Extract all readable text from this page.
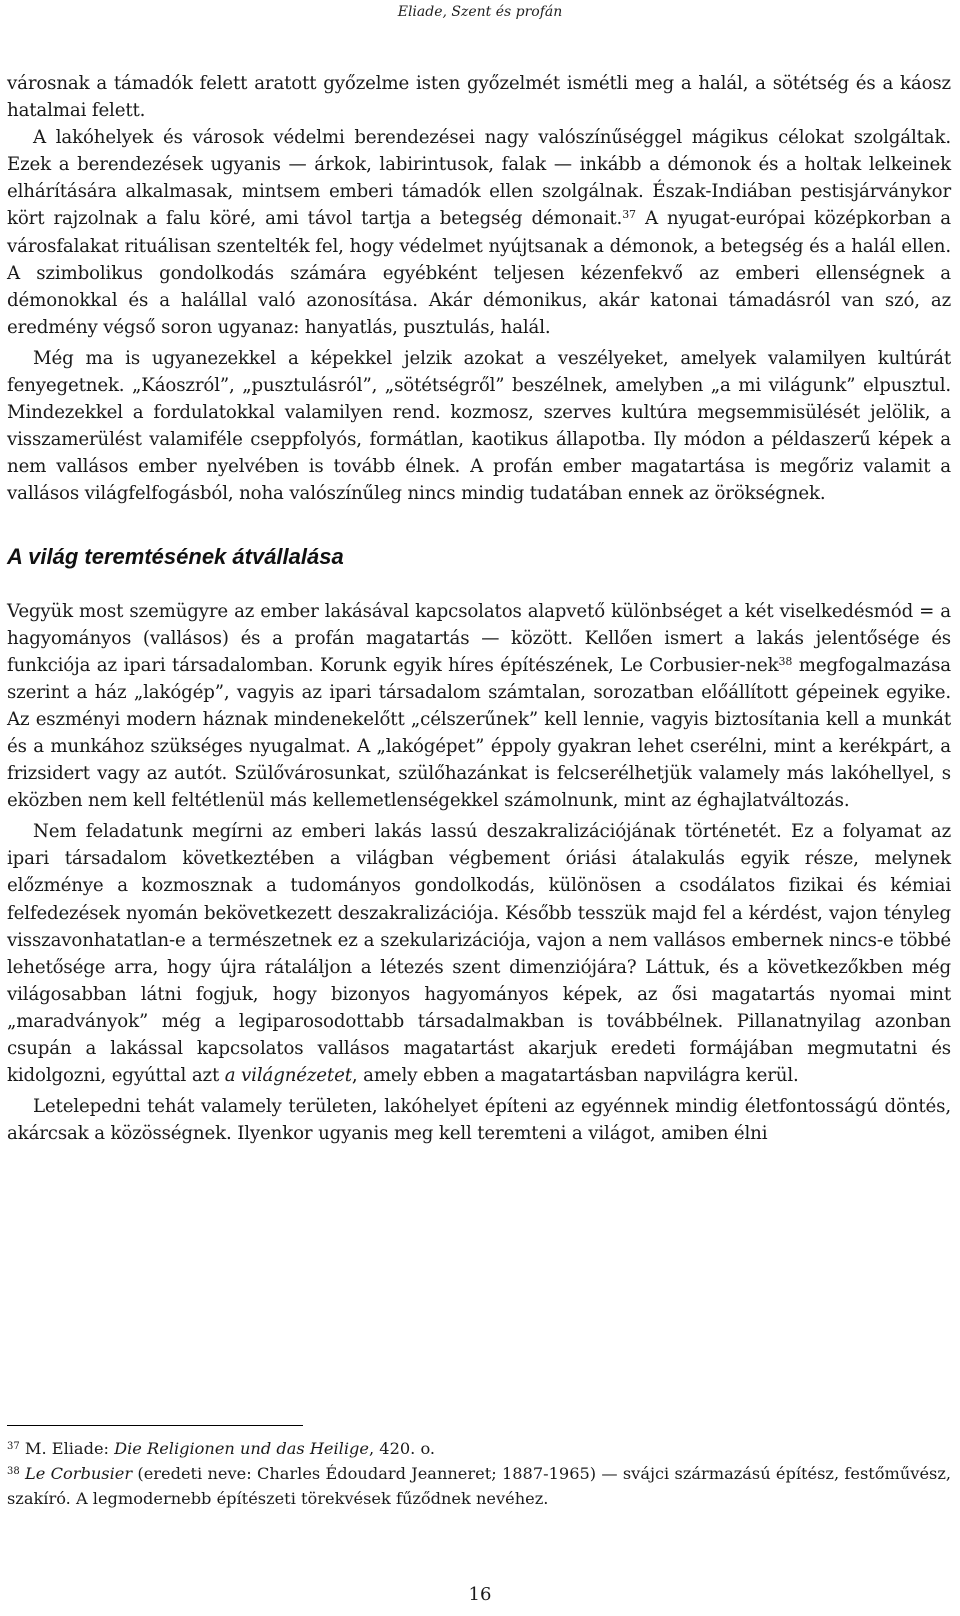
Eliade, Szent és profán

városnak a támadók felett aratott győzelme isten győzelmét ismétli meg a halál, a sötétség és a káosz hatalmai felett.

A lakóhelyek és városok védelmi berendezései nagy valószínűséggel mágikus célokat szolgáltak. Ezek a berendezések ugyanis — árkok, labirintusok, falak — inkább a démonok és a holtak lelkeinek elhárítására alkalmasak, mintsem emberi támadók ellen szolgálnak. Észak-Indiában pestisjárványkor kört rajzolnak a falu köré, ami távol tartja a betegség démonait.$^{37}$ A nyugat-európai középkorban a városfalakat rituálisan szentelték fel, hogy védelmet nyújtsanak a démonok, a betegség és a halál ellen. A szimbolikus gondolkodás számára egyébként teljesen kézenfekvő az emberi ellenségnek a démonokkal és a halállal való azonosítása. Akár démonikus, akár katonai támadásról van szó, az eredmény végső soron ugyanaz: hanyatlás, pusztulás, halál.

Még ma is ugyanezekkel a képekkel jelzik azokat a veszélyeket, amelyek valamilyen kultúrát fenyegetnek. „Káoszról”, „pusztulásról”, „sötétségről” beszélnek, amelyben „a mi világunk” elpusztul. Mindezekkel a fordulatokkal valamilyen rend. kozmosz, szerves kultúra megsemmisülését jelölik, a visszamerülést valamiféle cseppfolyós, formátlan, kaotikus állapotba. Ily módon a példaszerű képek a nem vallásos ember nyelvében is tovább élnek. A profán ember magatartása is megőriz valamit a vallásos világfelfogásból, noha valószínűleg nincs mindig tudatában ennek az örökségnek.

A világ teremtésének átvállalása

Vegyük most szemügyre az ember lakásával kapcsolatos alapvető különbséget a két viselkedésmód = a hagyományos (vallásos) és a profán magatartás — között. Kellően ismert a lakás jelentősége és funkciója az ipari társadalomban. Korunk egyik híres építészének, Le Corbusier-nek$^{38}$ megfogalmazása szerint a ház „lakógép”, vagyis az ipari társadalom számtalan, sorozatban előállított gépeinek egyike. Az eszményi modern háznak mindenekelőtt „célszerűnek” kell lennie, vagyis biztosítania kell a munkát és a munkához szükséges nyugalmat. A „lakógépet” éppoly gyakran lehet cserélni, mint a kerékpárt, a frizsidert vagy az autót. Szülővárosunkat, szülőhazánkat is felcserélhetjük valamely más lakóhellyel, s eközben nem kell feltétlenül más kellemetlenségekkel számolnunk, mint az éghajlatváltozás.

Nem feladatunk megírni az emberi lakás lassú deszakralizációjának történetét. Ez a folyamat az ipari társadalom következtében a világban végbement óriási átalakulás egyik része, melynek előzménye a kozmosznak a tudományos gondolkodás, különösen a csodálatos fizikai és kémiai felfedezések nyomán bekövetkezett deszakralizációja. Később tesszük majd fel a kérdést, vajon tényleg visszavonhatatlan-e a természetnek ez a szekularizációja, vajon a nem vallásos embernek nincs-e többé lehetősége arra, hogy újra rátaláljon a létezés szent dimenziójára? Láttuk, és a következőkben még világosabban látni fogjuk, hogy bizonyos hagyományos képek, az ősi magatartás nyomai mint „maradványok” még a legiparosodottabb társadalmakban is továbbélnek. Pillanatnyilag azonban csupán a lakással kapcsolatos vallásos magatartást akarjuk eredeti formájában megmutatni és kidolgozni, egyúttal azt a világnézetet, amely ebben a magatartásban napvilágra kerül.

Letelepedni tehát valamely területen, lakóhelyet építeni az egyénnek mindig életfontosságú döntés, akárcsak a közösségnek. Ilyenkor ugyanis meg kell teremteni a világot, amiben élni

$^{37}$ M. Eliade: Die Religionen und das Heilige, 420. o.

$^{38}$ Le Corbusier (eredeti neve: Charles Édoudard Jeanneret; 1887-1965) — svájci származású építész, festőművész, szakíró. A legmodernebb építészeti törekvések fűződnek nevéhez.

16
